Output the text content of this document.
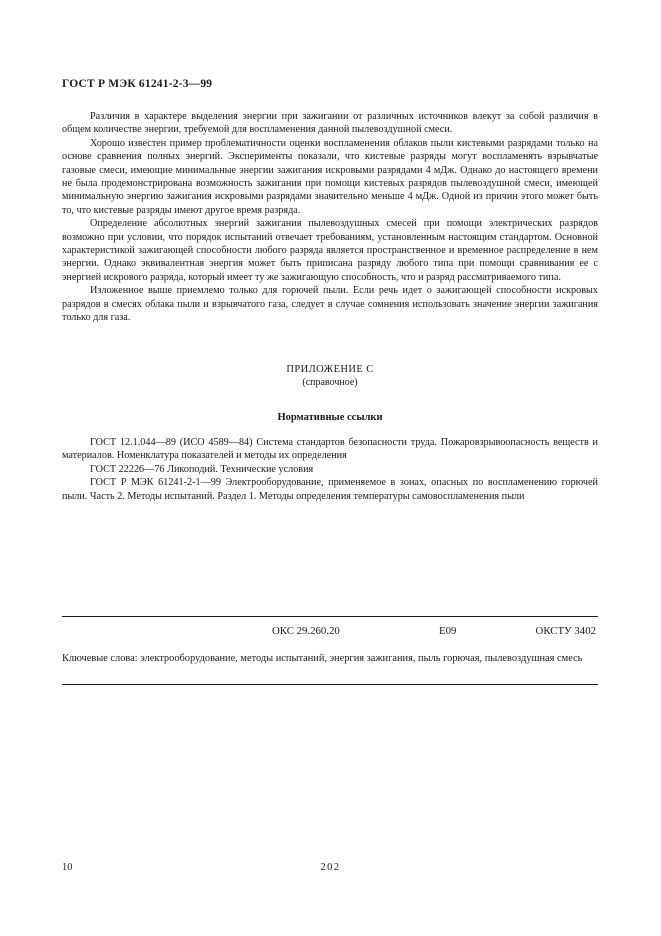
ГОСТ Р МЭК 61241-2-3—99

Различия в характере выделения энергии при зажигании от различных источников влекут за собой различия в общем количестве энергии, требуемой для воспламенения данной пылевоздушной смеси.

Хорошо известен пример проблематичности оценки воспламенения облаков пыли кистевыми разрядами только на основе сравнения полных энергий. Эксперименты показали, что кистевые разряды могут воспламенять взрывчатые газовые смеси, имеющие минимальные энергии зажигания искровыми разрядами 4 мДж. Однако до настоящего времени не была продемонстрирована возможность зажигания при помощи кистевых разрядов пылевоздушной смеси, имеющей минимальную энергию зажигания искровыми разрядами значительно меньше 4 мДж. Одной из причин этого может быть то, что кистевые разряды имеют другое время разряда.

Определение абсолютных энергий зажигания пылевоздушных смесей при помощи электрических разрядов возможно при условии, что порядок испытаний отвечает требованиям, установленным настоящим стандартом. Основной характеристикой зажигающей способности любого разряда является пространственное и временное распределение в нем энергии. Однако эквивалентная энергия может быть приписана разряду любого типа при помощи сравнивания ее с энергией искрового разряда, который имеет ту же зажигающую способность, что и разряд рассматриваемого типа.

Изложенное выше приемлемо только для горючей пыли. Если речь идет о зажигающей способности искровых разрядов в смесях облака пыли и взрывчатого газа, следует в случае сомнения использовать значение энергии зажигания только для газа.

ПРИЛОЖЕНИЕ С
(справочное)
Нормативные ссылки

ГОСТ 12.1.044—89 (ИСО 4589—84) Система стандартов безопасности труда. Пожаровзрывоопасность веществ и материалов. Номенклатура показателей и методы их определения

ГОСТ 22226—76 Ликоподий. Технические условия

ГОСТ Р МЭК 61241-2-1—99 Электрооборудование, применяемое в зонах, опасных по воспламенению горючей пыли. Часть 2. Методы испытаний. Раздел 1. Методы определения температуры самовоспламенения пыли

ОКС 29.260.20	Е09	ОКСТУ 3402
Ключевые слова: электрооборудование, методы испытаний, энергия зажигания, пыль горючая, пылевоздушная смесь
10	202
